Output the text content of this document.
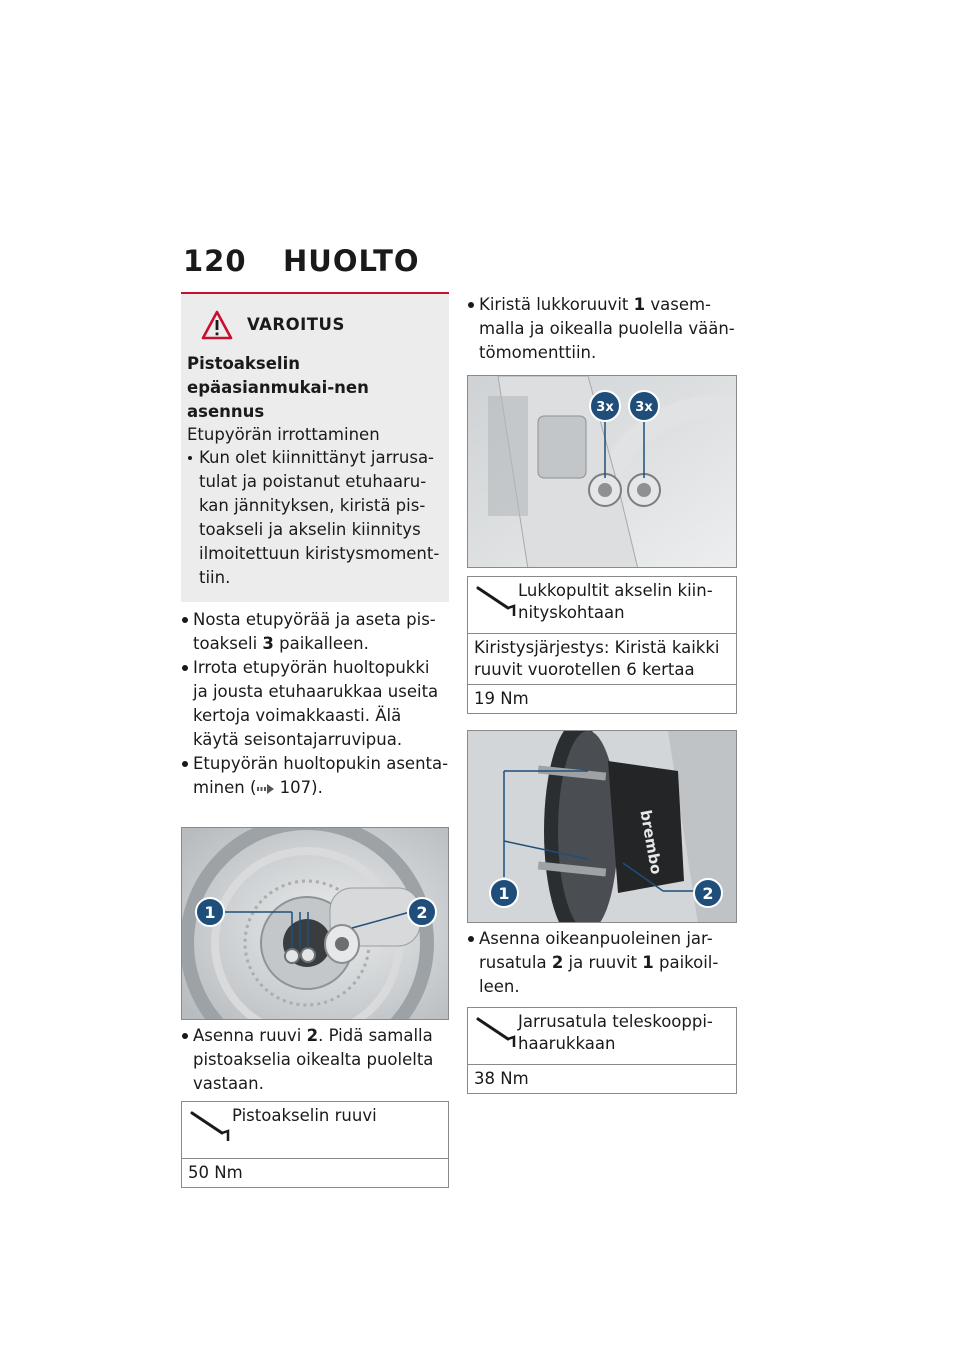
120	HUOLTO
VAROITUS
Pistoakselin epäasianmukai-nen asennus
Etupyörän irrottaminen
Kun olet kiinnittänyt jarrusa-tulat ja poistanut etuhaaru-kan jännityksen, kiristä pis-toakseli ja akselin kiinnitys ilmoitettuun kiristysmoment-tiin.
Nosta etupyörää ja aseta pis-toakseli 3 paikalleen.
Irrota etupyörän huoltopukki ja jousta etuhaarukkaa useita kertoja voimakkaasti. Älä käytä seisontajarruvipua.
Etupyörän huoltopukin asenta-minen ( 107).
1	2
Asenna ruuvi 2. Pidä samalla pistoakselia oikealta puolelta vastaan.
Pistoakselin ruuvi
50 Nm
Kiristä lukkoruuvit 1 vasem-malla ja oikealla puolella vään-tömomenttiin.
3x 3x
Lukkopultit akselin kiin-nityskohtaan
Kiristysjärjestys: Kiristä kaikki ruuvit vuorotellen 6 kertaa
19 Nm
brembo
1	2
Asenna oikeanpuoleinen jar-rusatula 2 ja ruuvit 1 paikoil-leen.
Jarrusatula teleskooppi-haarukkaan
38 Nm
